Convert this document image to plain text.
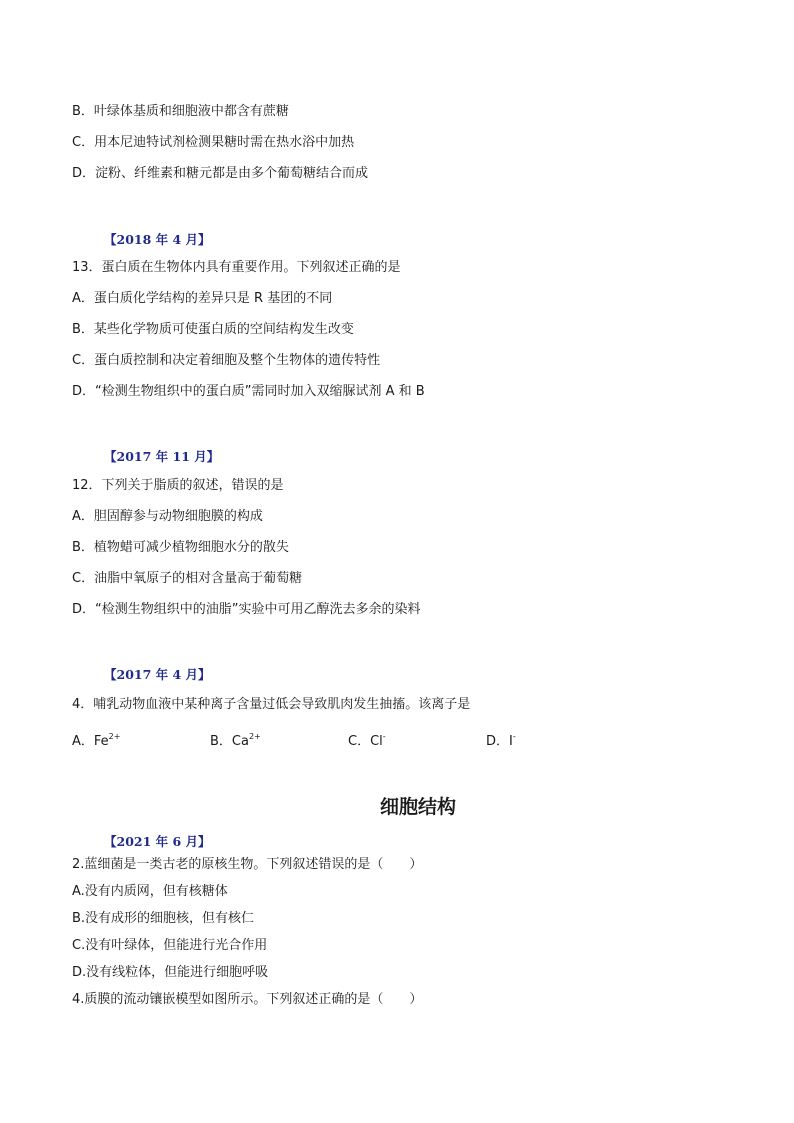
B．叶绿体基质和细胞液中都含有蔗糖
C．用本尼迪特试剂检测果糖时需在热水浴中加热
D．淀粉、纤维素和糖元都是由多个葡萄糖结合而成
【2018 年 4 月】
13．蛋白质在生物体内具有重要作用。下列叙述正确的是
A．蛋白质化学结构的差异只是 R 基团的不同
B．某些化学物质可使蛋白质的空间结构发生改变
C．蛋白质控制和决定着细胞及整个生物体的遗传特性
D．“检测生物组织中的蛋白质”需同时加入双缩脲试剂 A 和 B
【2017 年 11 月】
12．下列关于脂质的叙述，错误的是
A．胆固醇参与动物细胞膜的构成
B．植物蜡可减少植物细胞水分的散失
C．油脂中氧原子的相对含量高于葡萄糖
D．“检测生物组织中的油脂”实验中可用乙醇洗去多余的染料
【2017 年 4 月】
4．哺乳动物血液中某种离子含量过低会导致肌肉发生抽搐。该离子是
A．$Fe^{2+}$	B．$Ca^{2+}$	C．Cl-	D．I-
细胞结构
【2021 年 6 月】
2.蓝细菌是一类古老的原核生物。下列叙述错误的是（　　）
A.没有内质网，但有核糖体
B.没有成形的细胞核，但有核仁
C.没有叶绿体，但能进行光合作用
D.没有线粒体，但能进行细胞呼吸
4.质膜的流动镶嵌模型如图所示。下列叙述正确的是（　　）
